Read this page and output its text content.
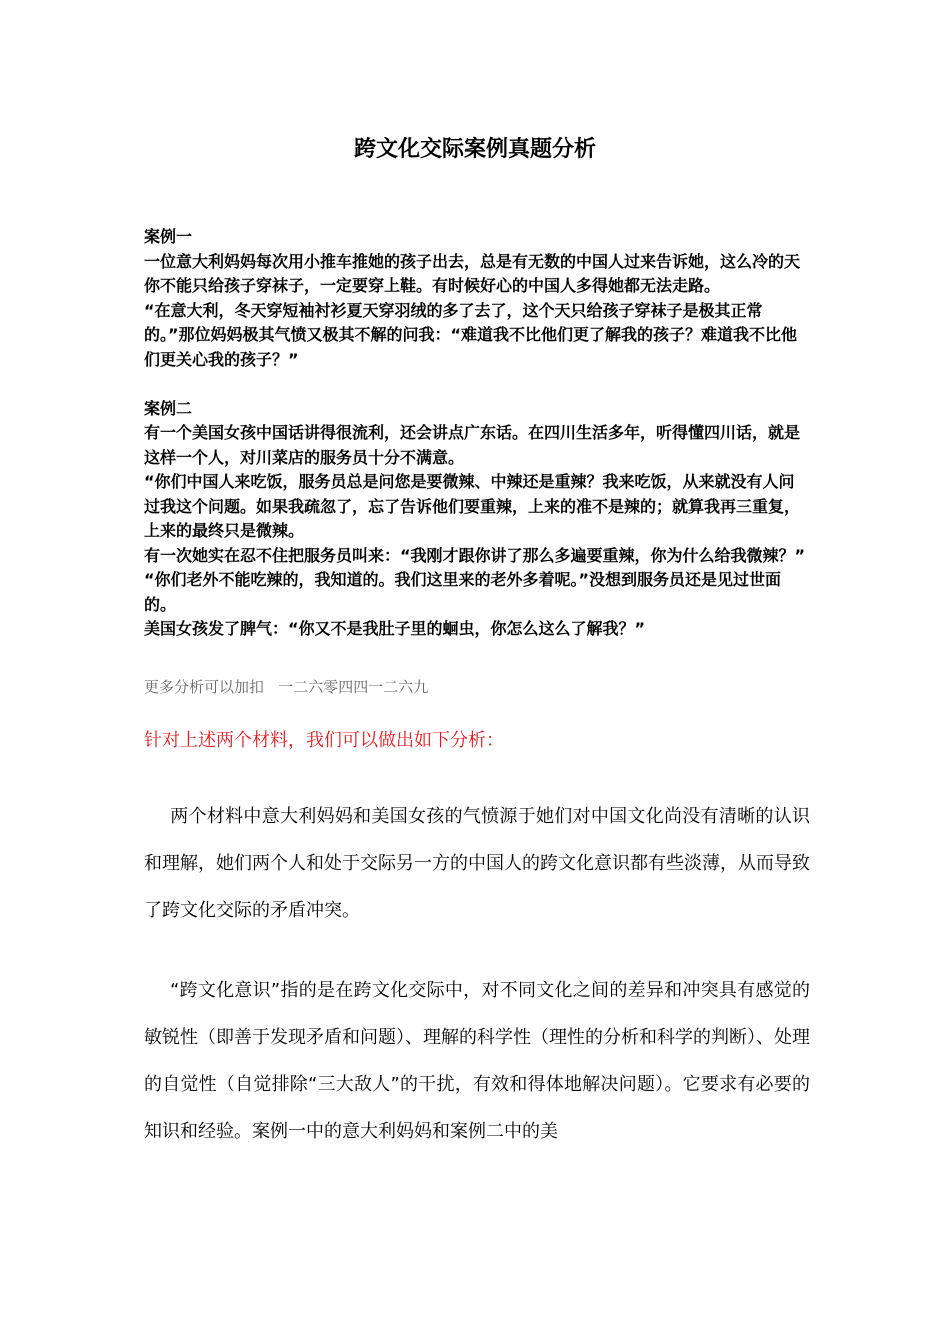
跨文化交际案例真题分析

案例一

一位意大利妈妈每次用小推车推她的孩子出去，总是有无数的中国人过来告诉她，这么冷的天你不能只给孩子穿袜子，一定要穿上鞋。有时候好心的中国人多得她都无法走路。

“在意大利，冬天穿短袖衬衫夏天穿羽绒的多了去了，这个天只给孩子穿袜子是极其正常的。”那位妈妈极其气愤又极其不解的问我：“难道我不比他们更了解我的孩子？难道我不比他们更关心我的孩子？”

案例二

有一个美国女孩中国话讲得很流利，还会讲点广东话。在四川生活多年，听得懂四川话，就是这样一个人，对川菜店的服务员十分不满意。

“你们中国人来吃饭，服务员总是问您是要微辣、中辣还是重辣？我来吃饭，从来就没有人问过我这个问题。如果我疏忽了，忘了告诉他们要重辣，上来的准不是辣的；就算我再三重复，上来的最终只是微辣。

有一次她实在忍不住把服务员叫来：“我刚才跟你讲了那么多遍要重辣，你为什么给我微辣？”

“你们老外不能吃辣的，我知道的。我们这里来的老外多着呢。”没想到服务员还是见过世面的。

美国女孩发了脾气：“你又不是我肚子里的蛔虫，你怎么这么了解我？”

更多分析可以加扣   一二六零四四一二六九
针对上述两个材料，我们可以做出如下分析：

两个材料中意大利妈妈和美国女孩的气愤源于她们对中国文化尚没有清晰的认识和理解，她们两个人和处于交际另一方的中国人的跨文化意识都有些淡薄，从而导致了跨文化交际的矛盾冲突。

“跨文化意识”指的是在跨文化交际中，对不同文化之间的差异和冲突具有感觉的敏锐性（即善于发现矛盾和问题）、理解的科学性（理性的分析和科学的判断）、处理的自觉性（自觉排除“三大敌人”的干扰，有效和得体地解决问题）。它要求有必要的知识和经验。案例一中的意大利妈妈和案例二中的美
